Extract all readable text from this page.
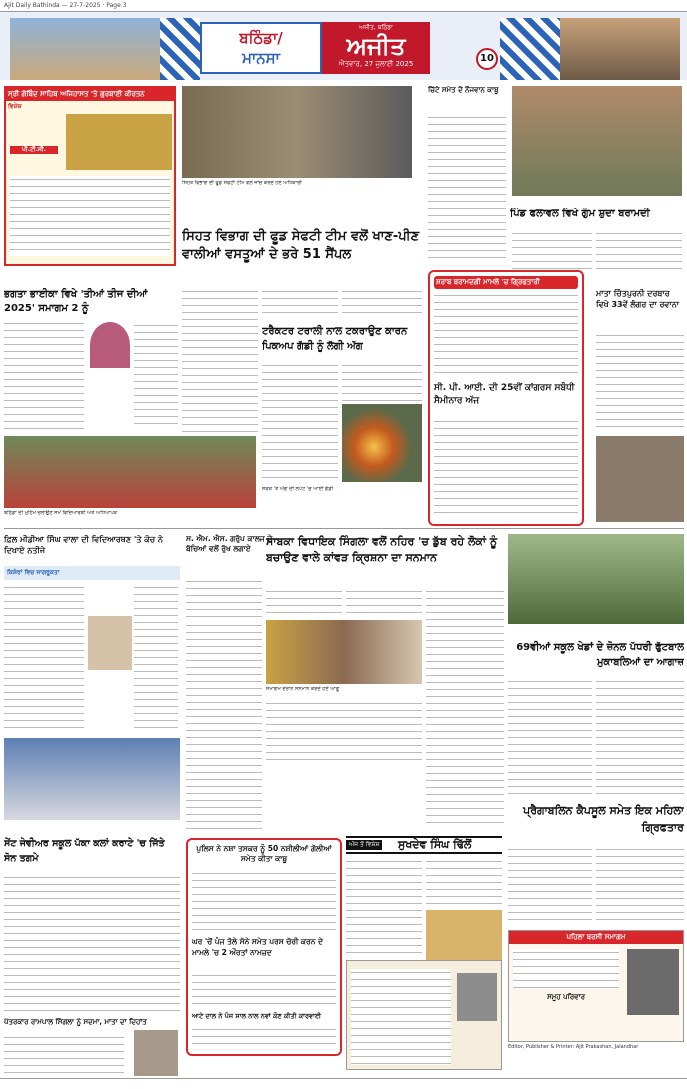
Ajit Daily Bathinda — 27-7-2025 · Page 3
ਬਠਿੰਡਾ/
ਮਾਨਸਾ
ਅਜੀਤ, ਬਠਿੰਡਾ
ਅਜੀਤ
ਐਤਵਾਰ, 27 ਜੁਲਾਈ 2025	10
ਸ੍ਰੀ ਗੋਬਿੰਦ ਸਾਹਿਬ ਅਜਿਹਾਸਤ 'ਤੇ ਗੁਰਬਾਣੀ ਕੀਰਤਨ
ਵਿਸ਼ੇਸ਼
ਪੀ.ਟੀ.ਸੀ.
ਭਗਤਾ ਭਾਈਕਾ ਵਿਖੇ 'ਤੀਆਂ ਤੀਜ ਦੀਆਂ 2025' ਸਮਾਗਮ 2 ਨੂੰ
ਬਠਿੰਡਾ ਦੀ ਮੁਹਿੰਮ ਚਲਾਉਣ ਸਮੇਂ ਵਿਦਿਆਰਥੀ ਅਤੇ ਅਧਿਆਪਕ
ਸਿਹਤ ਵਿਭਾਗ ਦੀ ਫੂਡ ਸੇਫਟੀ ਟੀਮ ਵਲੋਂ ਜਾਂਚ ਕਰਦੇ ਹੋਏ ਅਧਿਕਾਰੀ
ਸਿਹਤ ਵਿਭਾਗ ਦੀ ਫੂਡ ਸੇਫਟੀ ਟੀਮ ਵਲੋਂ ਖਾਣ-ਪੀਣ ਵਾਲੀਆਂ ਵਸਤੂਆਂ ਦੇ ਭਰੇ 51 ਸੈਂਪਲ
ਟਰੈਕਟਰ ਟਰਾਲੀ ਨਾਲ ਟਕਰਾਉਣ ਕਾਰਨ ਪਿਕਅਪ ਗੱਡੀ ਨੂੰ ਲੱਗੀ ਅੱਗ
ਸੜਕ 'ਤੇ ਅੱਗ ਦੀ ਲਪੇਟ 'ਚ ਆਈ ਗੱਡੀ
ਚਿੱਟੇ ਸਮੇਤ ਦੋ ਨੌਜਵਾਨ ਕਾਬੂ
ਪਿੰਡ ਫਲਾਵਲ ਵਿਖੇ ਗੁੰਮ ਸ਼ੁਦਾ ਬਰਾਮਦੀ
ਮਾਤਾ ਚਿੰਤਪੁਰਨੀ ਦਰਬਾਰ ਵਿਖੇ 33ਵੇਂ ਲੰਗਰ ਦਾ ਰਵਾਨਾ
ਸ਼ਰਾਬ ਬਰਾਮਦਗੀ ਮਾਮਲੇ 'ਚ ਗ੍ਰਿਫਤਾਰੀ
ਸੀ. ਪੀ. ਆਈ. ਦੀ 25ਵੀਂ ਕਾਂਗਰਸ ਸਬੰਧੀ ਸੈਮੀਨਾਰ ਅੱਜ
ਫ਼ਿਲ ਮੀਡੀਆ ਸਿੰਘ ਵਾਲਾ ਦੀ ਵਿਦਿਆਰਥਣ 'ਤੇ ਕੋਚ ਨੇ ਦਿਖਾਏ ਨਤੀਜੇ
ਕਿਸ਼ੋਰਾਂ ਵਿਚ ਜਾਗਰੂਕਤਾ
ਸ. ਐਮ. ਐਸ. ਗਰੁੱਪ ਕਾਲਜ ਦੇ ਬੱਚਿਆਂ ਵਲੋਂ ਰੁੱਖ ਲਗਾਏ
ਸਾਬਕਾ ਵਿਧਾਇਕ ਸਿੰਗਲਾ ਵਲੋਂ ਨਹਿਰ 'ਚ ਡੁੱਬ ਰਹੇ ਲੋਕਾਂ ਨੂੰ ਬਚਾਉਣ ਵਾਲੇ ਕਾਂਵੜ ਕ੍ਰਿਸ਼ਨਾ ਦਾ ਸਨਮਾਨ
ਸਮਾਗਮ ਦੌਰਾਨ ਸਨਮਾਨ ਕਰਦੇ ਹੋਏ ਆਗੂ
69ਵੀਆਂ ਸਕੂਲ ਖੇਡਾਂ ਦੇ ਜ਼ੋਨਲ ਪੱਧਰੀ ਫੁੱਟਬਾਲ ਮੁਕਾਬਲਿਆਂ ਦਾ ਆਗਾਜ਼
ਸੇਂਟ ਜੇਵੀਅਰ ਸਕੂਲ ਪੱਕਾ ਕਲਾਂ ਕਰਾਟੇ 'ਚ ਜਿੱਤੇ ਸੋਨ ਤਗਮੇ
ਪੱਤਰਕਾਰ ਰਾਮਪਾਲ ਸਿੰਗਲਾ ਨੂੰ ਸਦਮਾ, ਮਾਤਾ ਦਾ ਦਿਹਾਂਤ
ਪੁਲਿਸ ਨੇ ਨਸ਼ਾ ਤਸਕਰ ਨੂੰ 50 ਨਸ਼ੀਲੀਆਂ ਗੋਲੀਆਂ ਸਮੇਤ ਕੀਤਾ ਕਾਬੂ
ਘਰ 'ਚੋਂ ਪੰਜ ਤੋਲੇ ਸੋਨੇ ਸਮੇਤ ਪਰਸ ਚੋਰੀ ਕਰਨ ਦੇ ਮਾਮਲੇ 'ਚ 2 ਔਰਤਾਂ ਨਾਮਜ਼ਦ
ਆਟੇ ਦਾਲ ਨੇ ਪੰਜ ਸਾਲ ਨਾਲ ਨਵਾਂ ਕੋਣ ਕੀਤੀ ਕਾਰਵਾਈ
ਅੱਜ ਤੋਂ ਵਿਸ਼ੇਸ਼ ਸੁਖਦੇਵ ਸਿੰਘ ਢਿੱਲੋਂ
ਪ੍ਰੈਗਾਬਲਿਨ ਕੈਪਸੂਲ ਸਮੇਤ ਇਕ ਮਹਿਲਾ ਗ੍ਰਿਫਤਾਰ
ਪਹਿਲਾ ਬਰਸੀ ਸਮਾਗਮ
ਸਮੂਹ ਪਰਿਵਾਰ
Editor, Publisher & Printer: Ajit Prakashan, Jalandhar
